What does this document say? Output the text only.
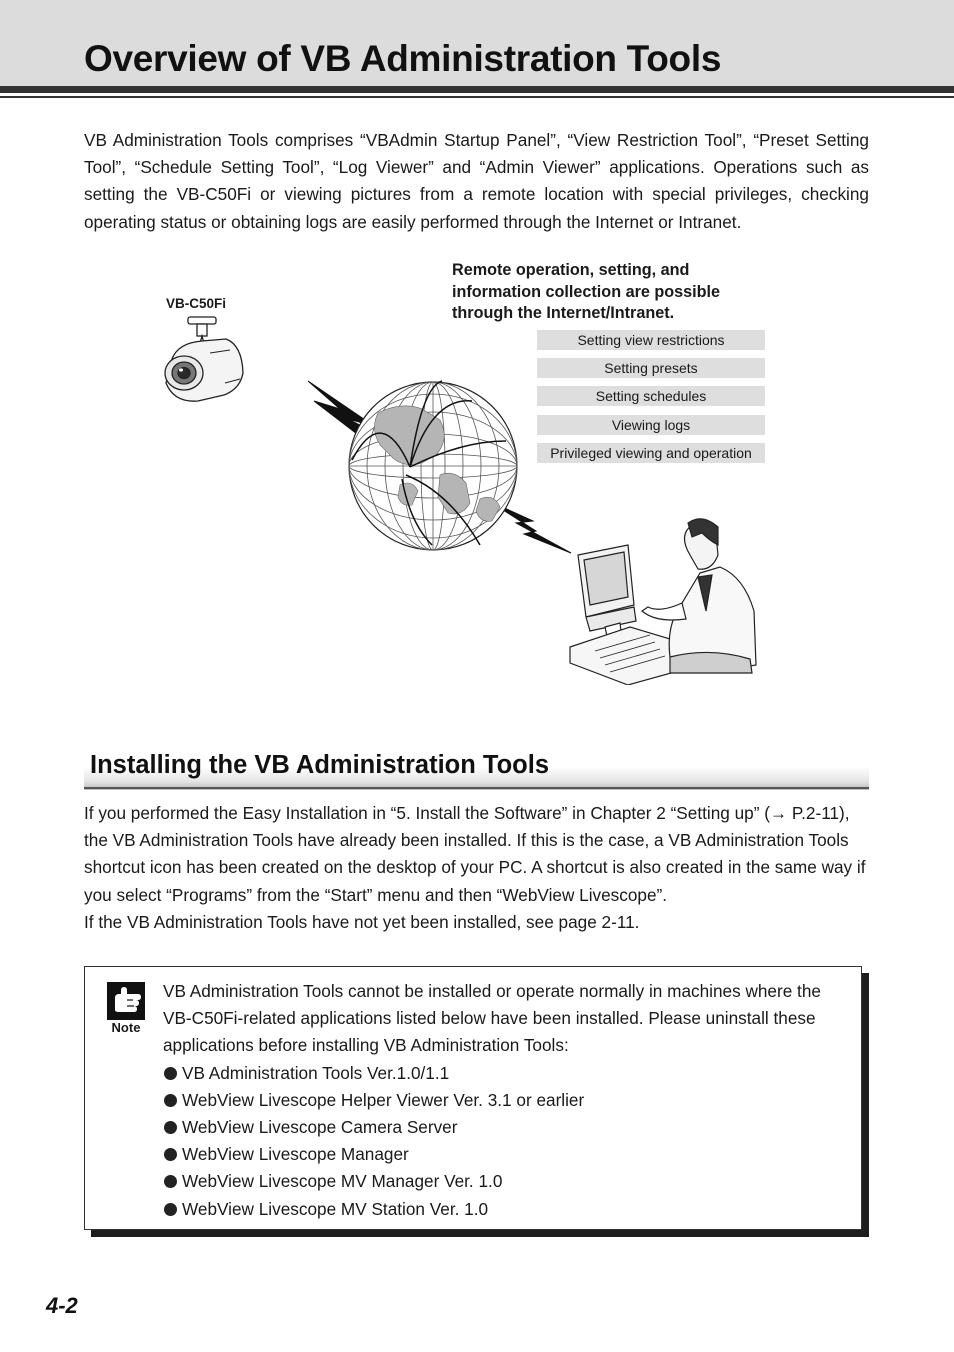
Overview of VB Administration Tools

VB Administration Tools comprises “VBAdmin Startup Panel”, “View Restriction Tool”, “Preset Setting Tool”, “Schedule Setting Tool”, “Log Viewer” and “Admin Viewer” applications. Operations such as setting the VB-C50Fi or viewing pictures from a remote location with special privileges, checking operating status or obtaining logs are easily performed through the Internet or Intranet.

VB-C50Fi
Remote operation, setting, and information collection are possible through the Internet/Intranet.
Setting view restrictions
Setting presets
Setting schedules
Viewing logs
Privileged viewing and operation
Installing the VB Administration Tools

If you performed the Easy Installation in “5. Install the Software” in Chapter 2 “Setting up” (→ P.2-11), the VB Administration Tools have already been installed. If this is the case, a VB Administration Tools shortcut icon has been created on the desktop of your PC. A shortcut is also created in the same way if you select “Programs” from the “Start” menu and then “WebView Livescope”.

If the VB Administration Tools have not yet been installed, see page 2-11.

Note

VB Administration Tools cannot be installed or operate normally in machines where the VB-C50Fi-related applications listed below have been installed. Please uninstall these applications before installing VB Administration Tools:

VB Administration Tools Ver.1.0/1.1
WebView Livescope Helper Viewer Ver. 3.1 or earlier
WebView Livescope Camera Server
WebView Livescope Manager
WebView Livescope MV Manager Ver. 1.0
WebView Livescope MV Station Ver. 1.0
4-2
